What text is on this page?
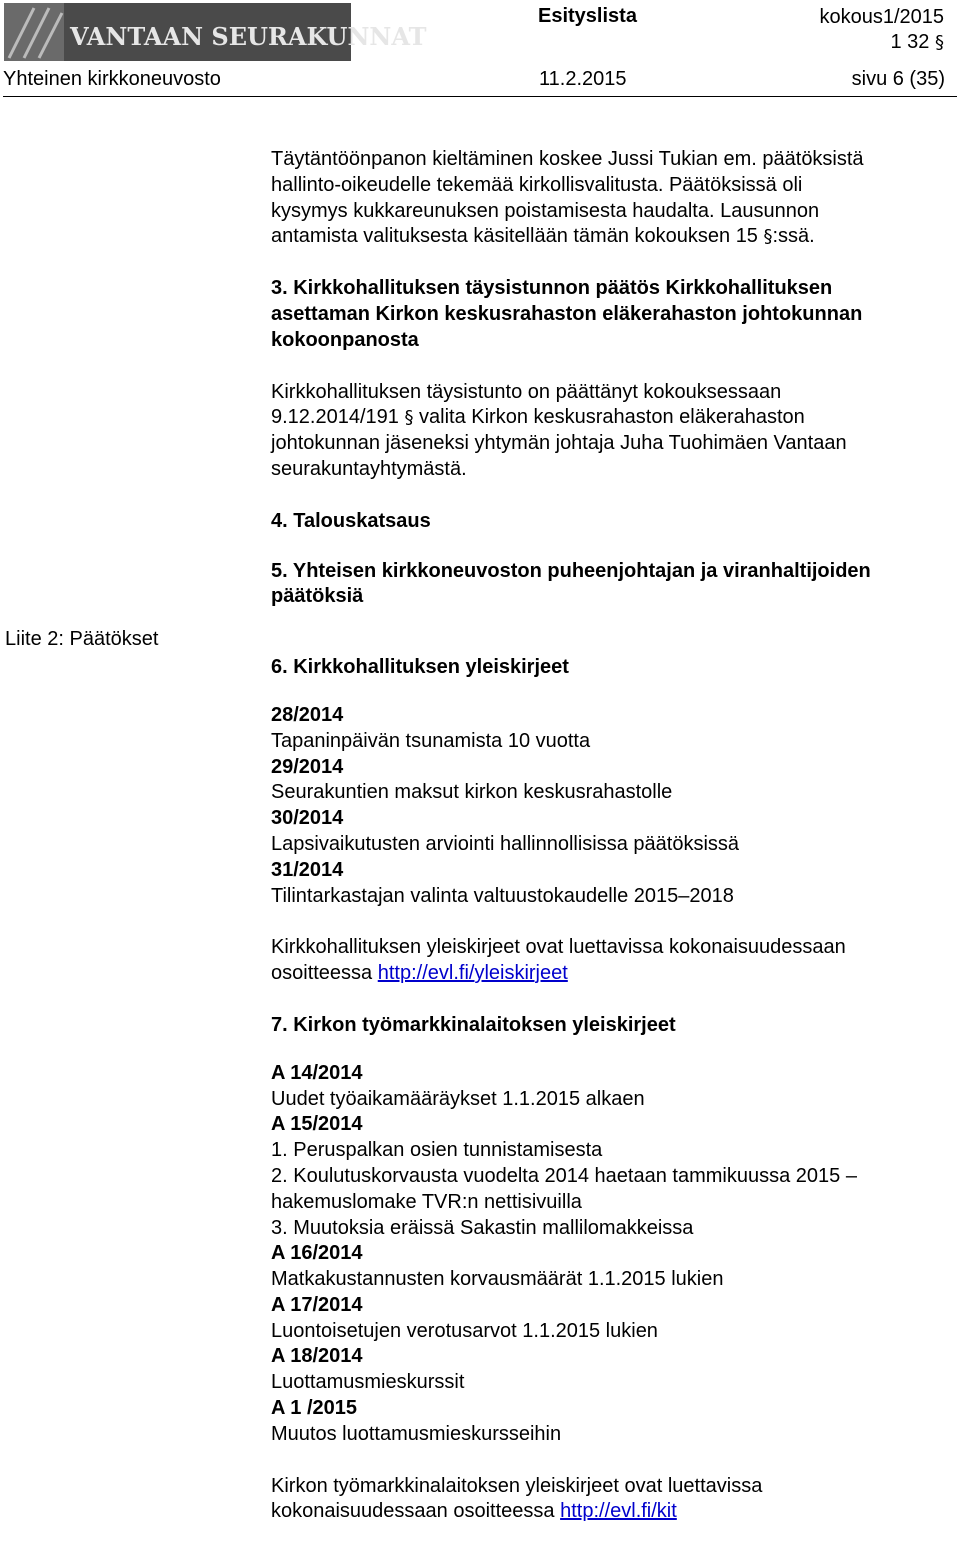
VANTAAN SEURAKUNNAT
Esityslista	kokous1/2015
1 32 §
Yhteinen kirkkoneuvosto	11.2.2015	sivu 6 (35)
Liite 2: Päätökset

Täytäntöönpanon kieltäminen koskee Jussi Tukian em. päätöksistä

hallinto-oikeudelle tekemää kirkollisvalitusta. Päätöksissä oli

kysymys kukkareunuksen poistamisesta haudalta. Lausunnon

antamista valituksesta käsitellään tämän kokouksen 15 §:ssä.

3. Kirkkohallituksen täysistunnon päätös Kirkkohallituksen

asettaman Kirkon keskusrahaston eläkerahaston johtokunnan

kokoonpanosta

Kirkkohallituksen täysistunto on päättänyt kokouksessaan

9.12.2014/191 § valita Kirkon keskusrahaston eläkerahaston

johtokunnan jäseneksi yhtymän johtaja Juha Tuohimäen Vantaan

seurakuntayhtymästä.

4. Talouskatsaus

5. Yhteisen kirkkoneuvoston puheenjohtajan ja viranhaltijoiden

päätöksiä

6. Kirkkohallituksen yleiskirjeet

28/2014

Tapaninpäivän tsunamista 10 vuotta

29/2014

Seurakuntien maksut kirkon keskusrahastolle

30/2014

Lapsivaikutusten arviointi hallinnollisissa päätöksissä

31/2014

Tilintarkastajan valinta valtuustokaudelle 2015–2018

Kirkkohallituksen yleiskirjeet ovat luettavissa kokonaisuudessaan

osoitteessa http://evl.fi/yleiskirjeet

7. Kirkon työmarkkinalaitoksen yleiskirjeet

A 14/2014

Uudet työaikamääräykset 1.1.2015 alkaen

A 15/2014

1. Peruspalkan osien tunnistamisesta

2. Koulutuskorvausta vuodelta 2014 haetaan tammikuussa 2015 –

hakemuslomake TVR:n nettisivuilla

3. Muutoksia eräissä Sakastin mallilomakkeissa

A 16/2014

Matkakustannusten korvausmäärät 1.1.2015 lukien

A 17/2014

Luontoisetujen verotusarvot 1.1.2015 lukien

A 18/2014

Luottamusmieskurssit

A 1 /2015

Muutos luottamusmieskursseihin

Kirkon työmarkkinalaitoksen yleiskirjeet ovat luettavissa

kokonaisuudessaan osoitteessa http://evl.fi/kit
